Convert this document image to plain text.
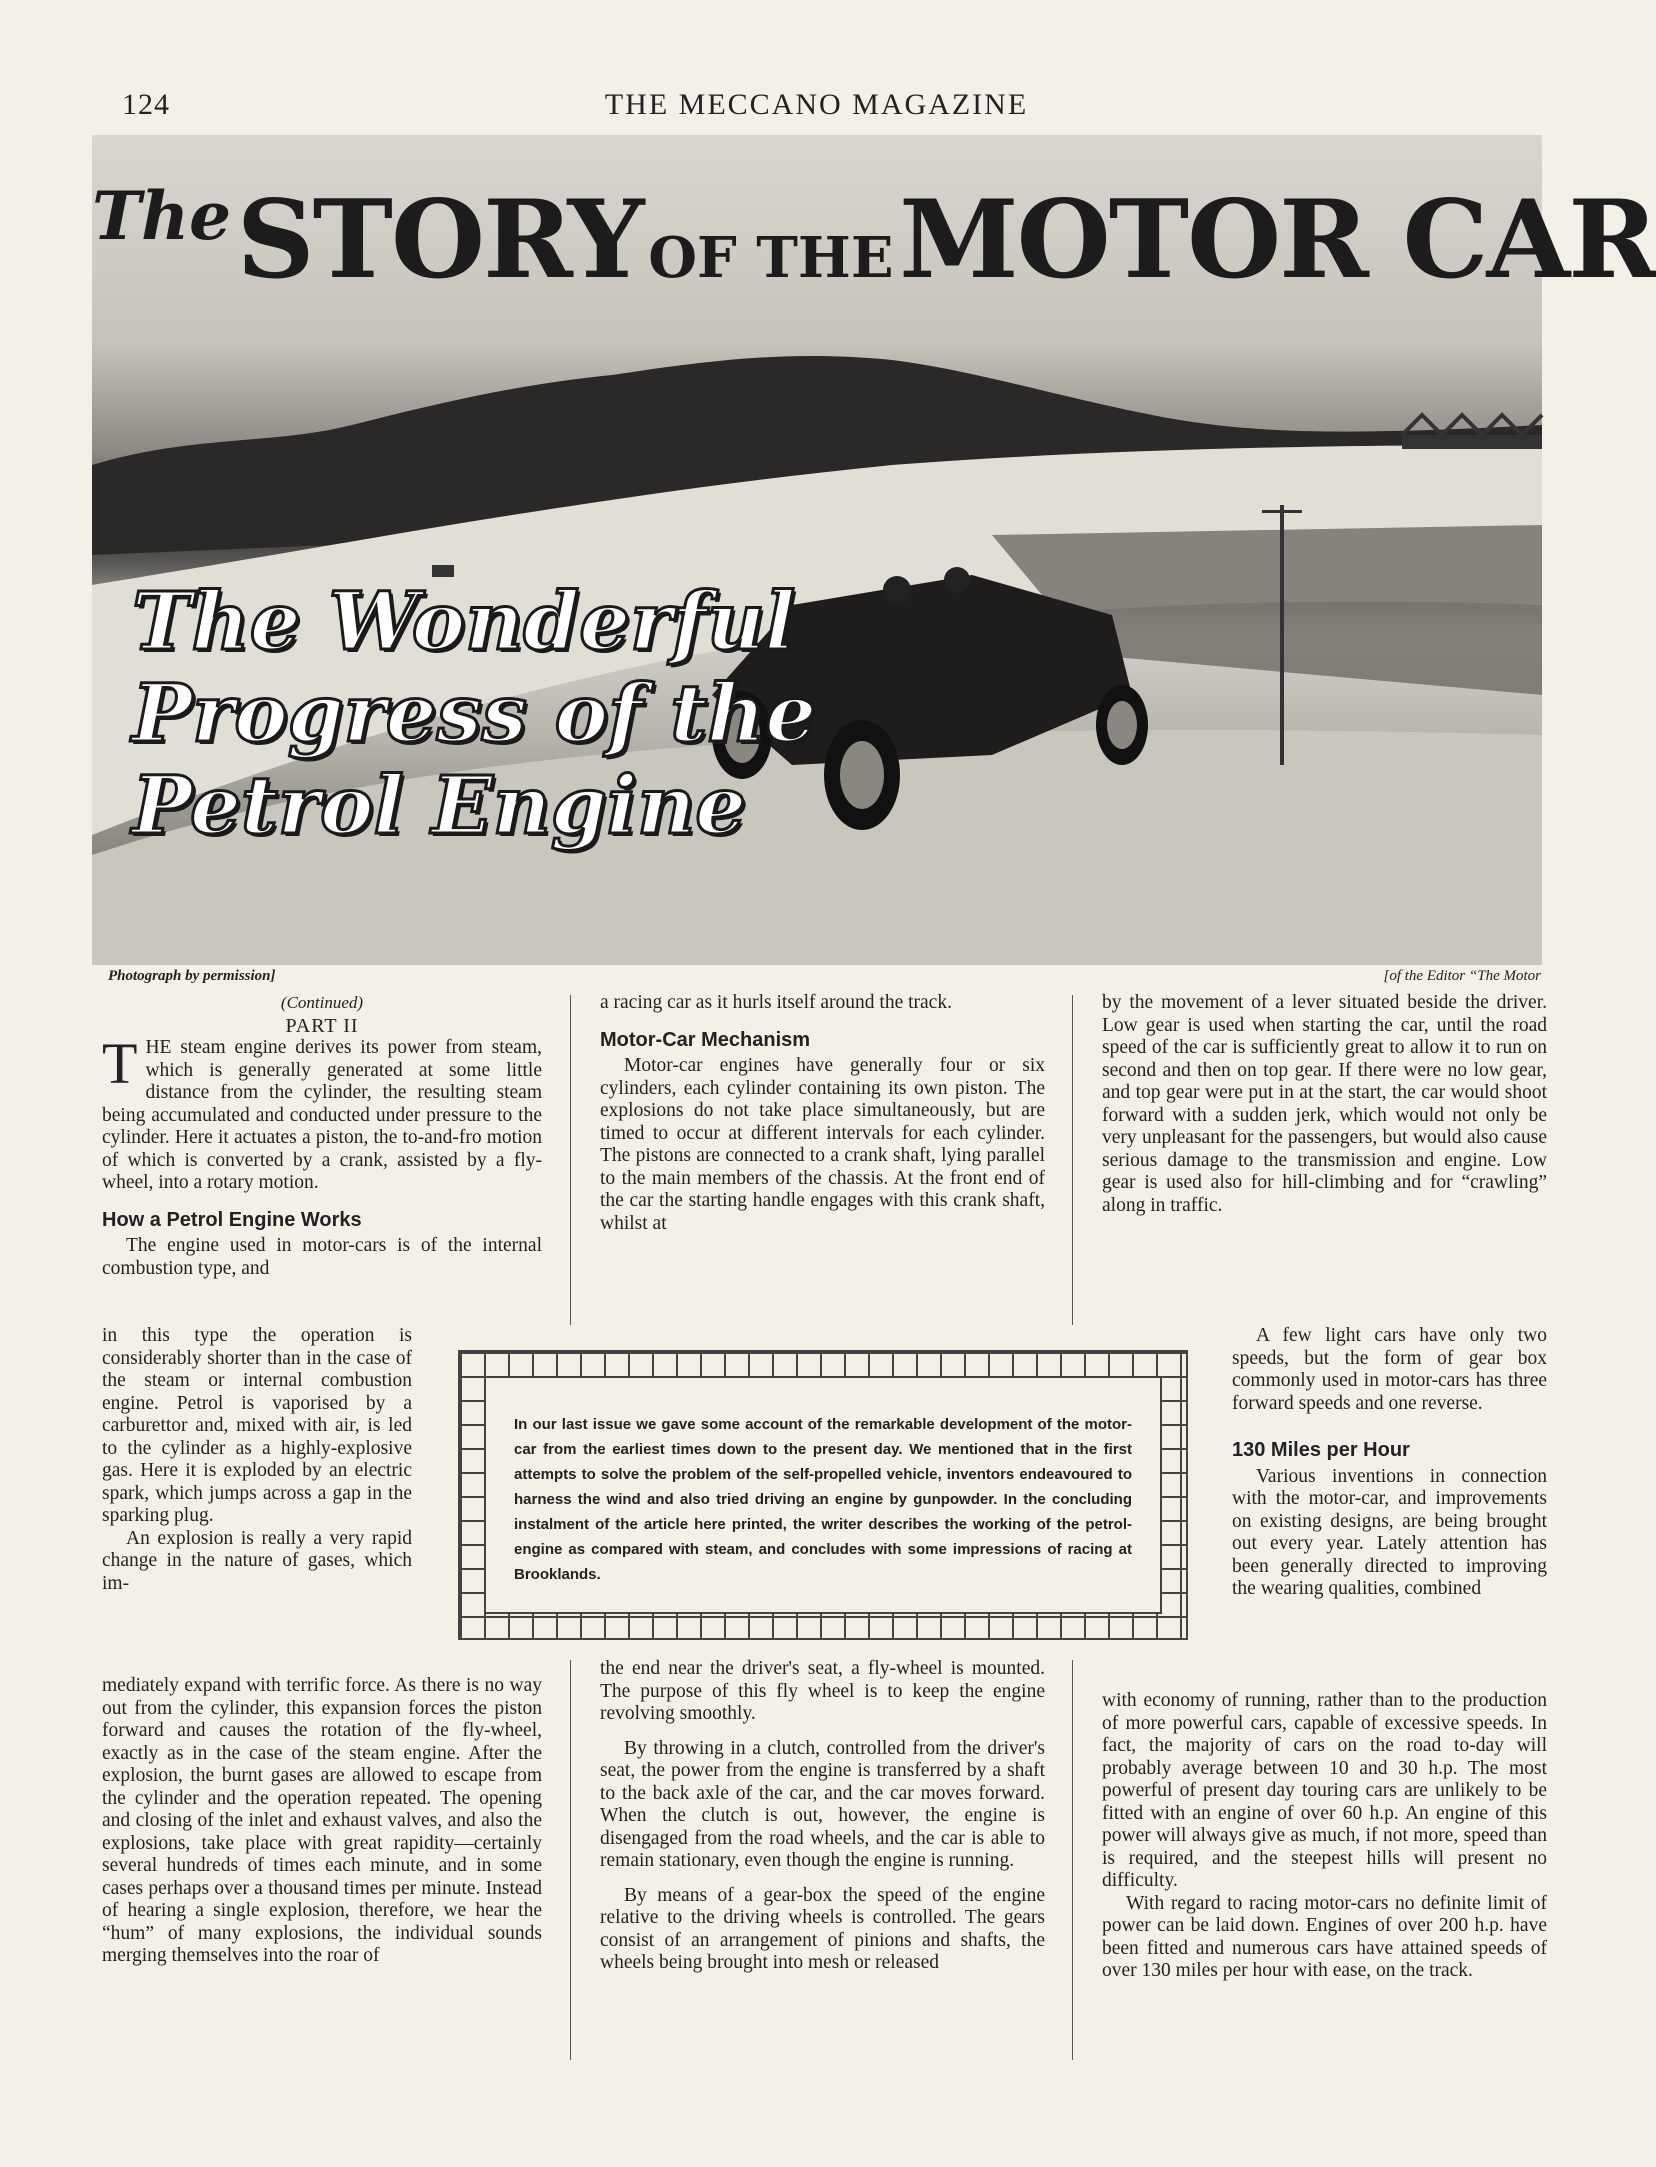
124	THE MECCANO MAGAZINE
The STORY OF THE MOTOR CAR
The Wonderful
Progress of the
Petrol Engine
Photograph by permission]	[of the Editor “The Motor

(Continued)

PART II

THE steam engine derives its power from steam, which is generally generated at some little distance from the cylinder, the resulting steam being accumulated and conducted under pressure to the cylinder. Here it actuates a piston, the to-and-fro motion of which is converted by a crank, assisted by a fly-wheel, into a rotary motion.

How a Petrol Engine Works

The engine used in motor-cars is of the internal combustion type, and

in this type the operation is considerably shorter than in the case of the steam or internal combustion engine. Petrol is vaporised by a carburettor and, mixed with air, is led to the cylinder as a highly-explosive gas. Here it is exploded by an electric spark, which jumps across a gap in the sparking plug.

An explosion is really a very rapid change in the nature of gases, which im-

mediately expand with terrific force. As there is no way out from the cylinder, this expansion forces the piston forward and causes the rotation of the fly-wheel, exactly as in the case of the steam engine. After the explosion, the burnt gases are allowed to escape from the cylinder and the operation repeated. The opening and closing of the inlet and exhaust valves, and also the explosions, take place with great rapidity—certainly several hundreds of times each minute, and in some cases perhaps over a thousand times per minute. Instead of hearing a single explosion, therefore, we hear the “hum” of many explosions, the individual sounds merging themselves into the roar of

a racing car as it hurls itself around the track.

Motor-Car Mechanism

Motor-car engines have generally four or six cylinders, each cylinder containing its own piston. The explosions do not take place simultaneously, but are timed to occur at different intervals for each cylinder. The pistons are connected to a crank shaft, lying parallel to the main members of the chassis. At the front end of the car the starting handle engages with this crank shaft, whilst at

the end near the driver's seat, a fly-wheel is mounted. The purpose of this fly wheel is to keep the engine revolving smoothly.

By throwing in a clutch, controlled from the driver's seat, the power from the engine is transferred by a shaft to the back axle of the car, and the car moves forward. When the clutch is out, however, the engine is disengaged from the road wheels, and the car is able to remain stationary, even though the engine is running.

By means of a gear-box the speed of the engine relative to the driving wheels is controlled. The gears consist of an arrangement of pinions and shafts, the wheels being brought into mesh or released

by the movement of a lever situated beside the driver. Low gear is used when starting the car, until the road speed of the car is sufficiently great to allow it to run on second and then on top gear. If there were no low gear, and top gear were put in at the start, the car would shoot forward with a sudden jerk, which would not only be very unpleasant for the passengers, but would also cause serious damage to the transmission and engine. Low gear is used also for hill-climbing and for “crawling” along in traffic.

A few light cars have only two speeds, but the form of gear box commonly used in motor-cars has three forward speeds and one reverse.

130 Miles per Hour

Various inventions in connection with the motor-car, and improvements on existing designs, are being brought out every year. Lately attention has been generally directed to improving the wearing qualities, combined

with economy of running, rather than to the production of more powerful cars, capable of excessive speeds. In fact, the majority of cars on the road to-day will probably average between 10 and 30 h.p. The most powerful of present day touring cars are unlikely to be fitted with an engine of over 60 h.p. An engine of this power will always give as much, if not more, speed than is required, and the steepest hills will present no difficulty.

With regard to racing motor-cars no definite limit of power can be laid down. Engines of over 200 h.p. have been fitted and numerous cars have attained speeds of over 130 miles per hour with ease, on the track.

In our last issue we gave some account of the remarkable development of the motor-car from the earliest times down to the present day. We mentioned that in the first attempts to solve the problem of the self-propelled vehicle, inventors endeavoured to harness the wind and also tried driving an engine by gunpowder. In the concluding instalment of the article here printed, the writer describes the working of the petrol-engine as compared with steam, and concludes with some impressions of racing at Brooklands.
